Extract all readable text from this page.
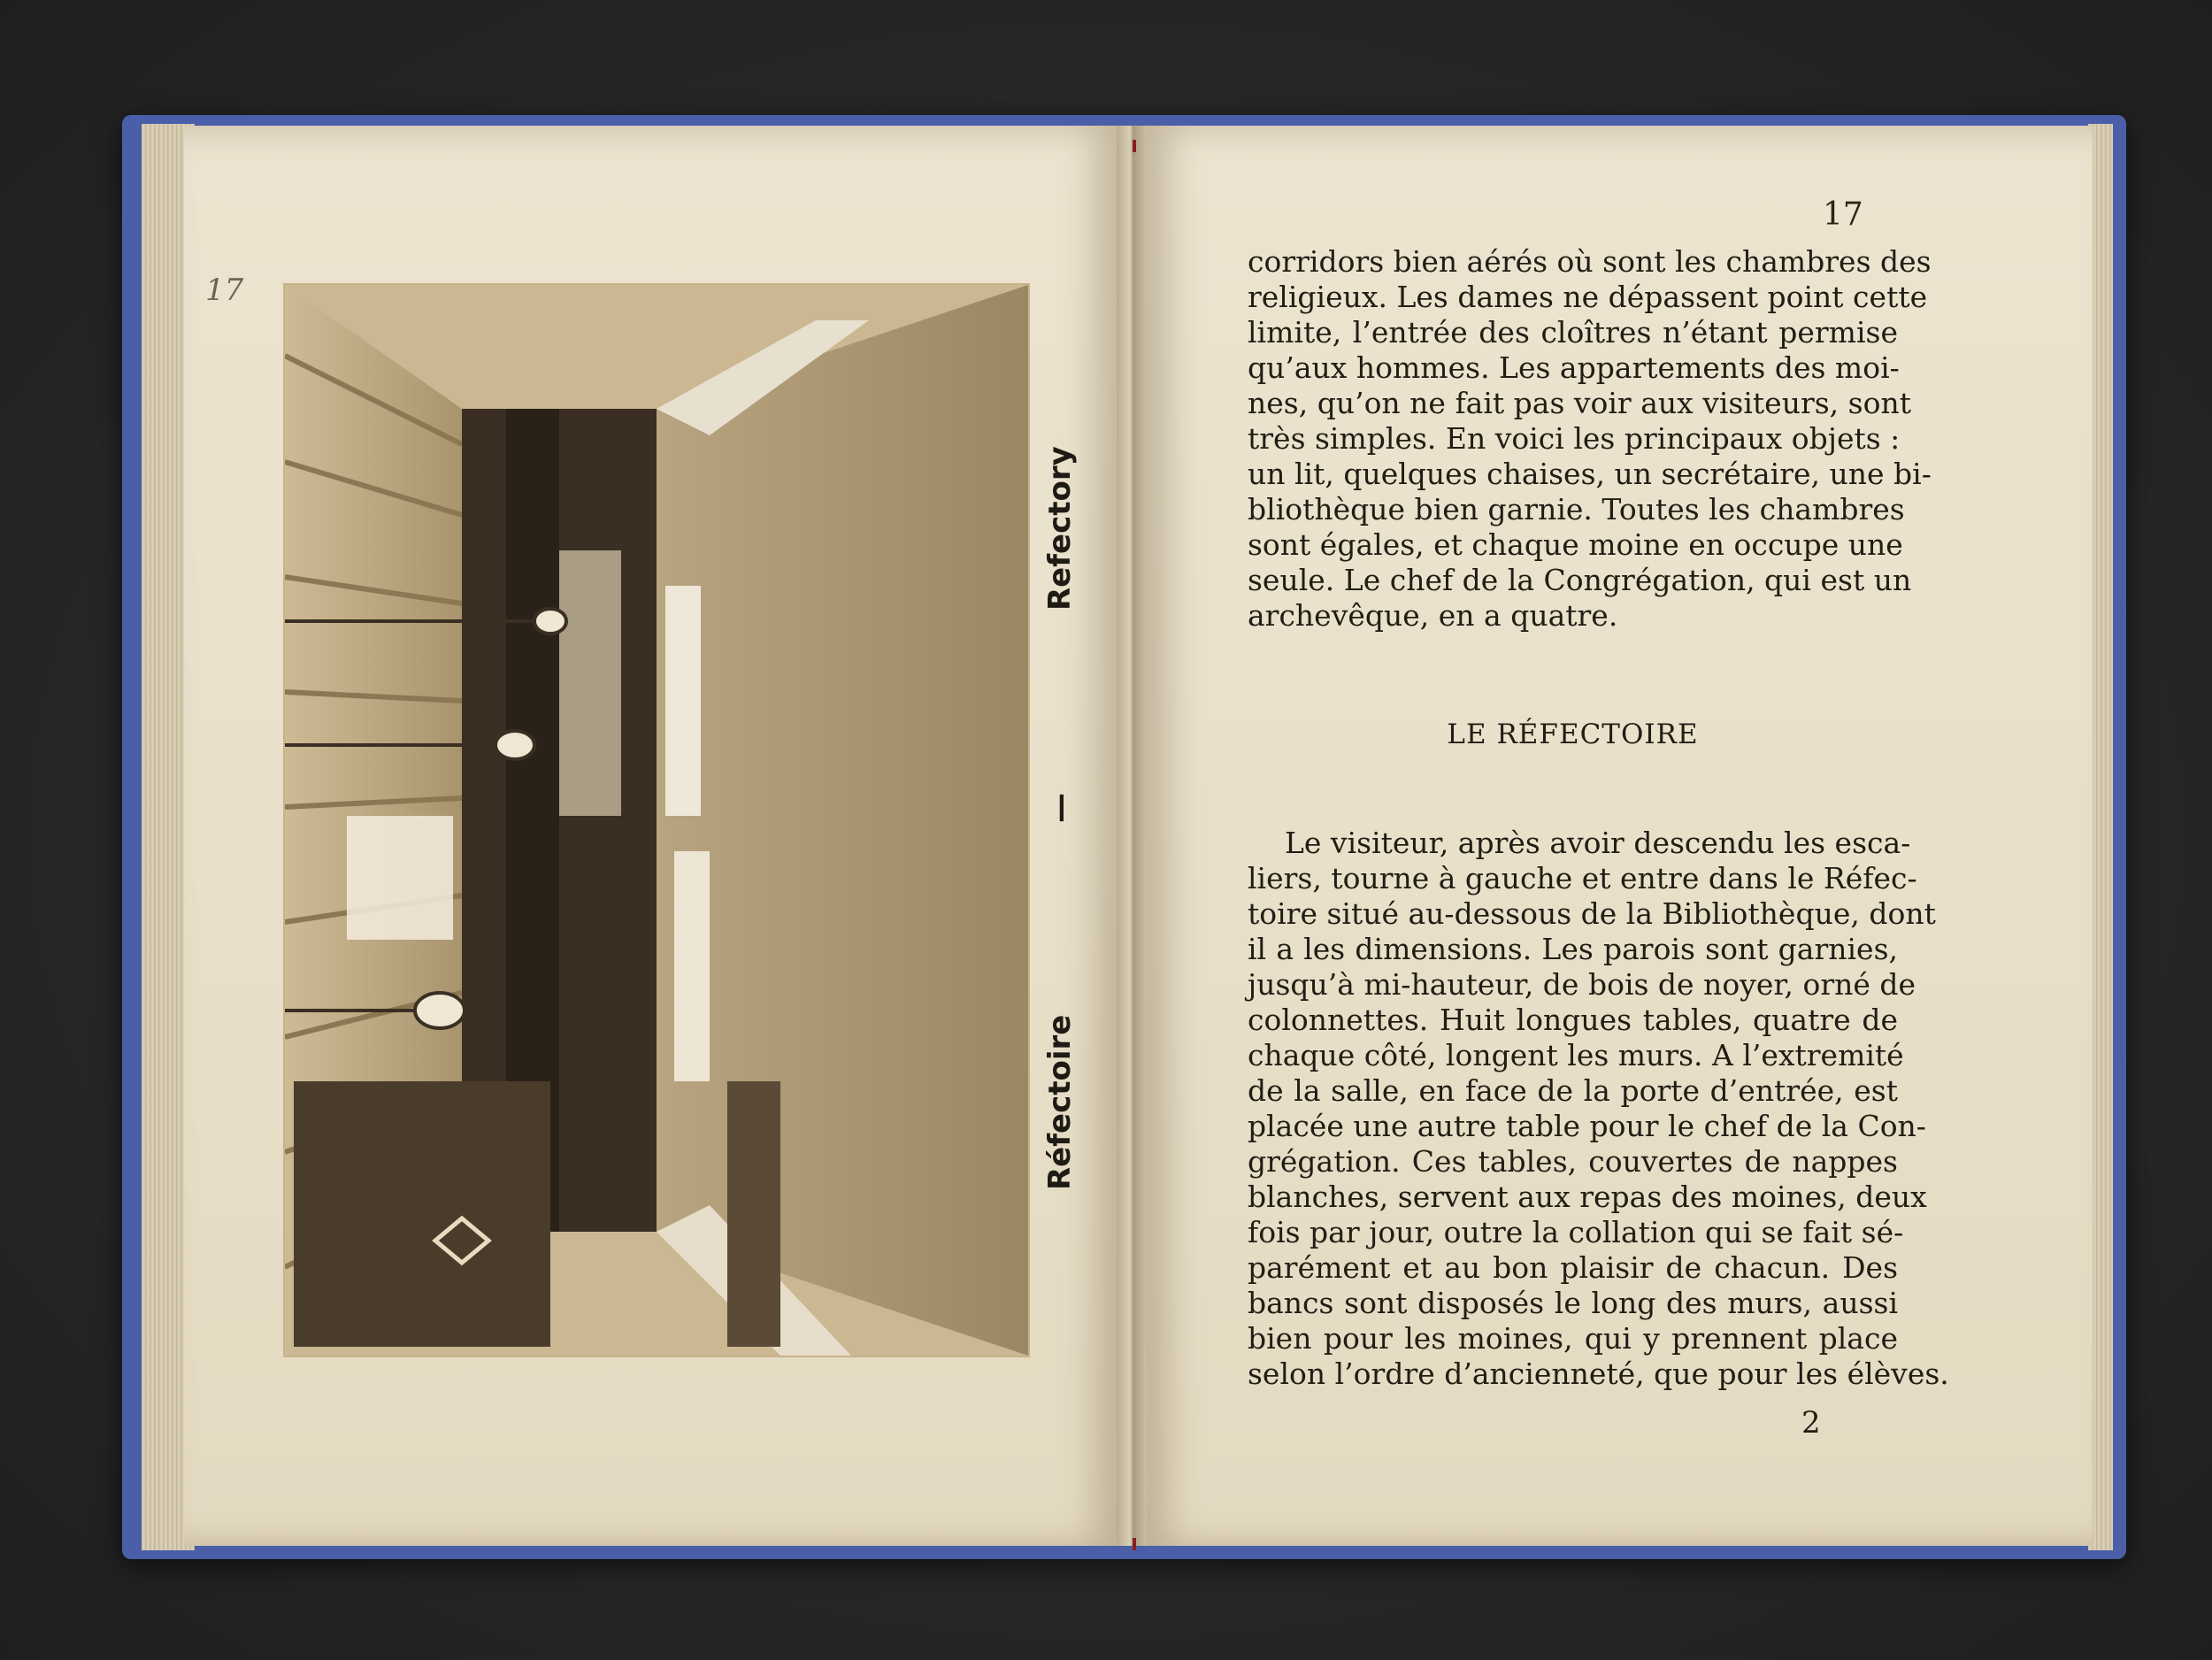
17
Refectory
—
Réfectoire
17
corridors bien aérés où sont les chambres des
religieux. Les dames ne dépassent point cette
limite, l’entrée des cloîtres n’étant permise
qu’aux hommes. Les appartements des moi-
nes, qu’on ne fait pas voir aux visiteurs, sont
très simples. En voici les principaux objets :
un lit, quelques chaises, un secrétaire, une bi-
bliothèque bien garnie. Toutes les chambres
sont égales, et chaque moine en occupe une
seule. Le chef de la Congrégation, qui est un
archevêque, en a quatre.
LE RÉFECTOIRE
Le visiteur, après avoir descendu les esca-
liers, tourne à gauche et entre dans le Réfec-
toire situé au-dessous de la Bibliothèque, dont
il a les dimensions. Les parois sont garnies,
jusqu’à mi-hauteur, de bois de noyer, orné de
colonnettes. Huit longues tables, quatre de
chaque côté, longent les murs. A l’extremité
de la salle, en face de la porte d’entrée, est
placée une autre table pour le chef de la Con-
grégation. Ces tables, couvertes de nappes
blanches, servent aux repas des moines, deux
fois par jour, outre la collation qui se fait sé-
parément et au bon plaisir de chacun. Des
bancs sont disposés le long des murs, aussi
bien pour les moines, qui y prennent place
selon l’ordre d’ancienneté, que pour les élèves.
2
